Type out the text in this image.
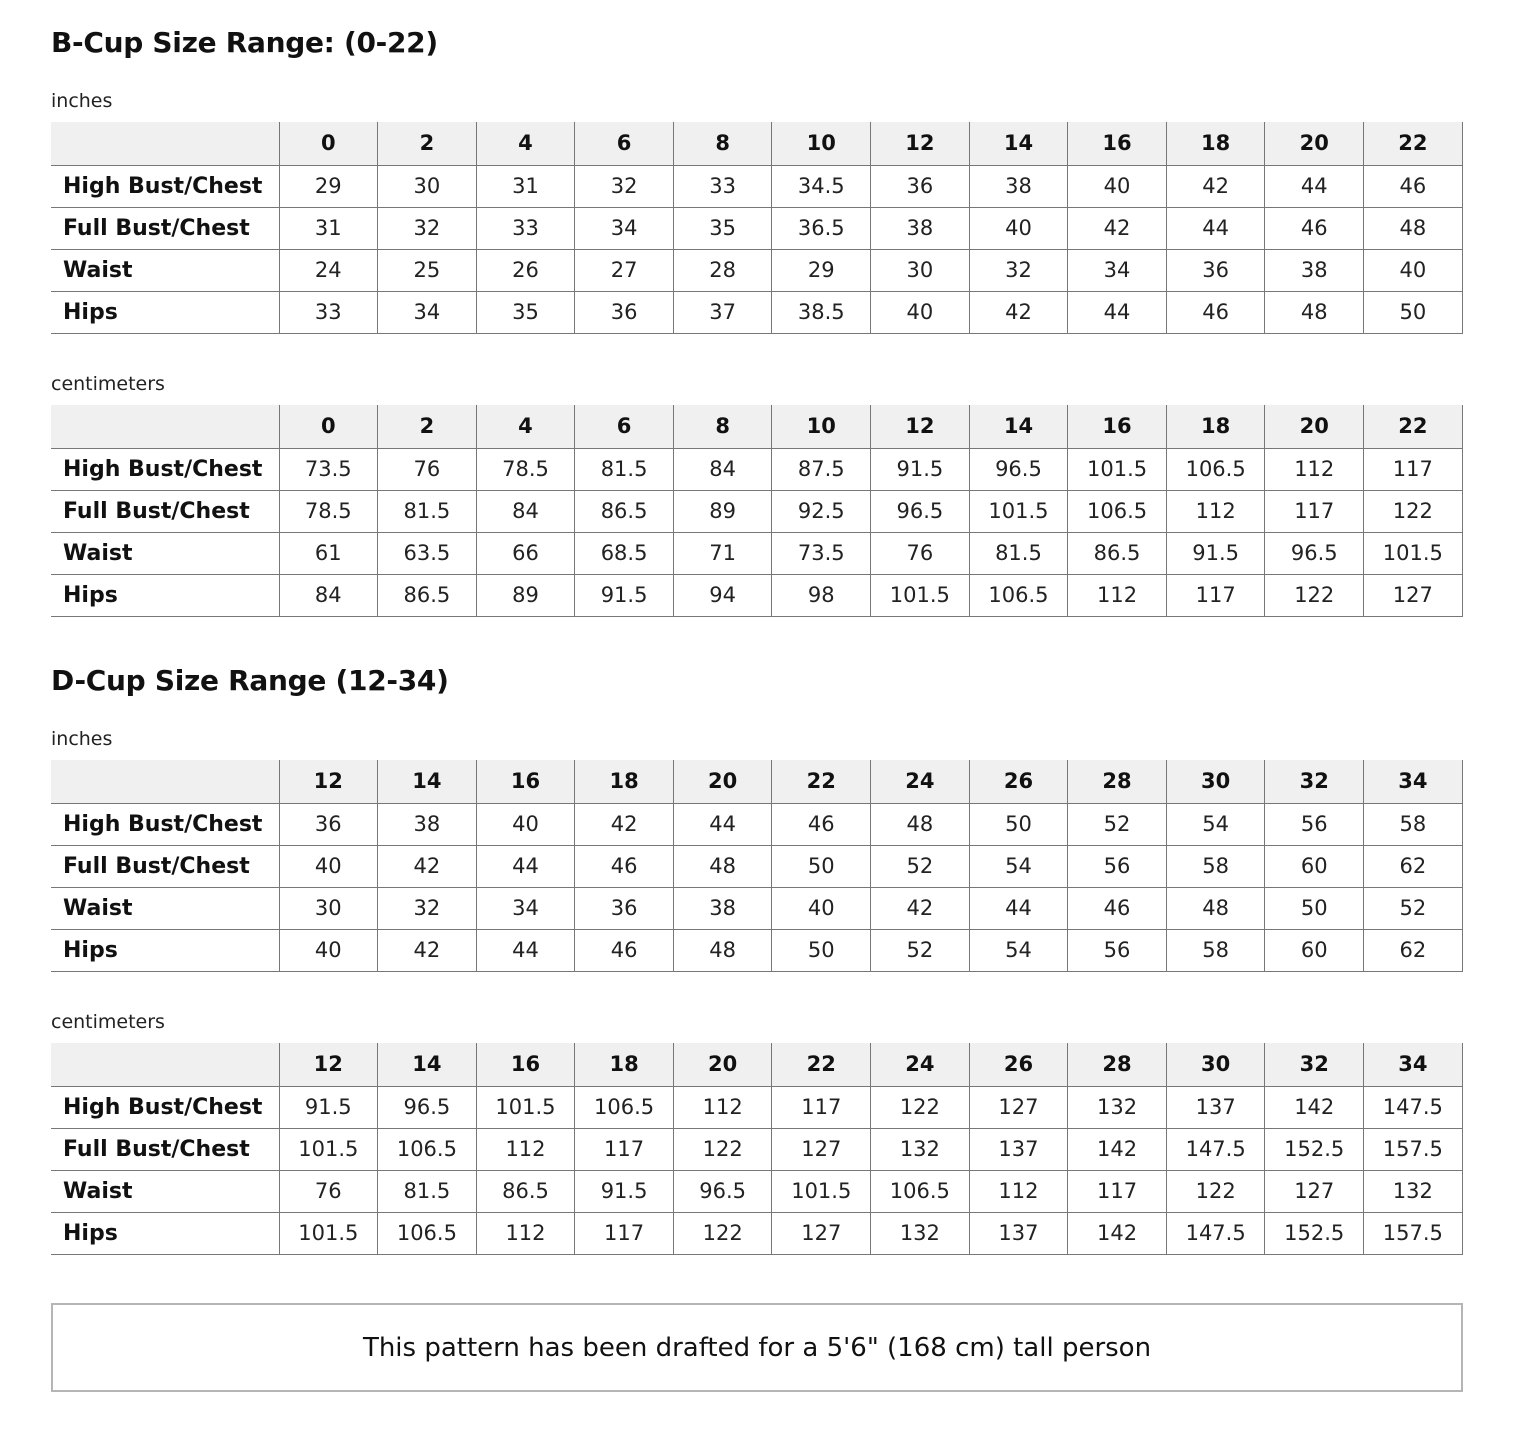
B-Cup Size Range: (0-22)
inches
	0	2	4	6	8	10	12	14	16	18	20	22
High Bust/Chest	29	30	31	32	33	34.5	36	38	40	42	44	46
Full Bust/Chest	31	32	33	34	35	36.5	38	40	42	44	46	48
Waist	24	25	26	27	28	29	30	32	34	36	38	40
Hips	33	34	35	36	37	38.5	40	42	44	46	48	50
centimeters
	0	2	4	6	8	10	12	14	16	18	20	22
High Bust/Chest	73.5	76	78.5	81.5	84	87.5	91.5	96.5	101.5	106.5	112	117
Full Bust/Chest	78.5	81.5	84	86.5	89	92.5	96.5	101.5	106.5	112	117	122
Waist	61	63.5	66	68.5	71	73.5	76	81.5	86.5	91.5	96.5	101.5
Hips	84	86.5	89	91.5	94	98	101.5	106.5	112	117	122	127
D-Cup Size Range (12-34)
inches
	12	14	16	18	20	22	24	26	28	30	32	34
High Bust/Chest	36	38	40	42	44	46	48	50	52	54	56	58
Full Bust/Chest	40	42	44	46	48	50	52	54	56	58	60	62
Waist	30	32	34	36	38	40	42	44	46	48	50	52
Hips	40	42	44	46	48	50	52	54	56	58	60	62
centimeters
	12	14	16	18	20	22	24	26	28	30	32	34
High Bust/Chest	91.5	96.5	101.5	106.5	112	117	122	127	132	137	142	147.5
Full Bust/Chest	101.5	106.5	112	117	122	127	132	137	142	147.5	152.5	157.5
Waist	76	81.5	86.5	91.5	96.5	101.5	106.5	112	117	122	127	132
Hips	101.5	106.5	112	117	122	127	132	137	142	147.5	152.5	157.5
This pattern has been drafted for a 5'6" (168 cm) tall person
